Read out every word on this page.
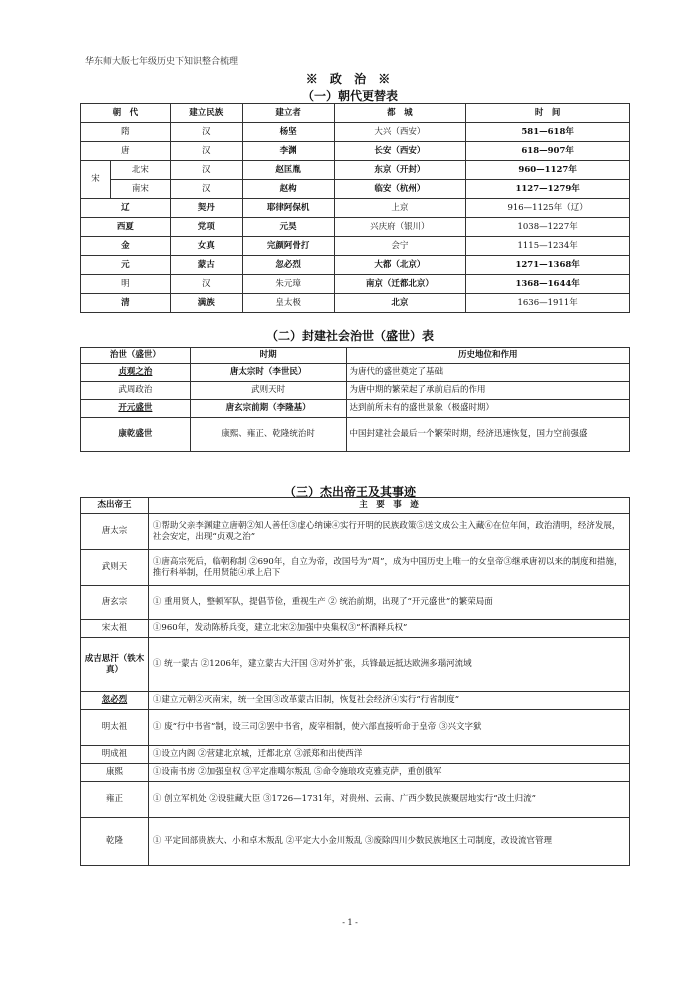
华东师大版七年级历史下知识整合梳理
※ 政 治 ※
（一）朝代更替表
朝　代		建立民族	建立者	都　城	时　间
隋		汉	杨坚	大兴（西安）	581—618年
唐		汉	李渊	长安（西安）	618—907年
宋	北宋	汉	赵匡胤	东京（开封）	960—1127年
	南宋	汉	赵构	临安（杭州）	1127—1279年
辽		契丹	耶律阿保机	上京	916—1125年（辽）
西夏		党项	元昊	兴庆府（银川）	1038—1227年
金		女真	完颜阿骨打	会宁	1115—1234年
元		蒙古	忽必烈	大都（北京）	1271—1368年
明		汉	朱元璋	南京（迁都北京）	1368—1644年
清		满族	皇太极	北京	1636—1911年
（二）封建社会治世（盛世）表
治世（盛世）	时期	历史地位和作用
贞观之治	唐太宗时（李世民）	为唐代的盛世奠定了基础
武周政治	武则天时	为唐中期的繁荣起了承前启后的作用
开元盛世	唐玄宗前期（李隆基）	达到前所未有的盛世景象（极盛时期）
康乾盛世	康熙、雍正、乾隆统治时	中国封建社会最后一个繁荣时期，经济迅速恢复，国力空前强盛
（三）杰出帝王及其事迹
杰出帝王	主　要　事　迹
唐太宗	①帮助父亲李渊建立唐朝②知人善任③虚心纳谏④实行开明的民族政策⑤送文成公主入藏⑥在位年间，政治清明，经济发展，社会安定，出现“贞观之治”
武则天	①唐高宗死后，临朝称制 ②690年，自立为帝，改国号为“周”，成为中国历史上唯一的女皇帝③继承唐初以来的制度和措施，推行科举制，任用贤能④承上启下
唐玄宗	① 重用贤人，整顿军队，提倡节俭，重视生产 ② 统治前期，出现了“开元盛世”的繁荣局面
宋太祖	①960年，发动陈桥兵变，建立北宋②加强中央集权③“杯酒释兵权”
成吉思汗（铁木真）	① 统一蒙古 ②1206年，建立蒙古大汗国 ③对外扩张，兵锋最远抵达欧洲多瑙河流域
忽必烈	①建立元朝②灭南宋，统一全国③改革蒙古旧制，恢复社会经济④实行“行省制度”
明太祖	① 废“行中书省”制，设三司②罢中书省，废宰相制，使六部直接听命于皇帝 ③兴文字狱
明成祖	①设立内阁 ②营建北京城，迁都北京 ③派郑和出使西洋
康熙	①设南书房 ②加强皇权 ③平定准噶尔叛乱 ⑤命令施琅攻克雅克萨，重创俄军
雍正	① 创立军机处 ②设驻藏大臣 ③1726—1731年，对贵州、云南、广西少数民族聚居地实行“改土归流”
乾隆	① 平定回部贵族大、小和卓木叛乱 ②平定大小金川叛乱 ③废除四川少数民族地区土司制度，改设流官管理
- 1 -
